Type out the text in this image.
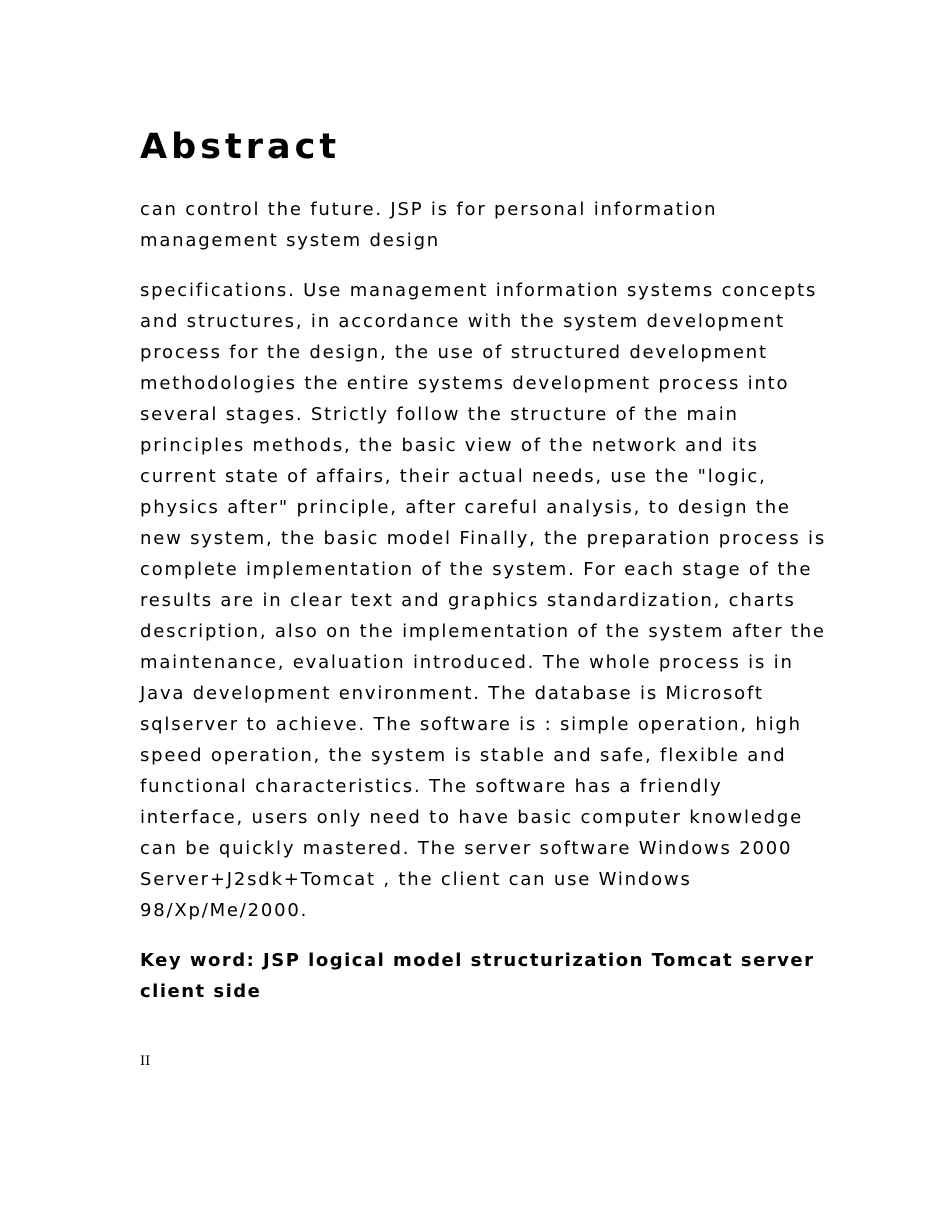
Abstract

can control the future. JSP is for personal information management system design

specifications. Use management information systems concepts and structures, in accordance with the system development process for the design, the use of structured development methodologies the entire systems development process into several stages. Strictly follow the structure of the main principles methods, the basic view of the network and its current state of affairs, their actual needs, use the "logic, physics after" principle, after careful analysis, to design the new system, the basic model Finally, the preparation process is complete implementation of the system. For each stage of the results are in clear text and graphics standardization, charts description, also on the implementation of the system after the maintenance, evaluation introduced. The whole process is in Java development environment. The database is Microsoft sqlserver to achieve. The software is : simple operation, high speed operation, the system is stable and safe, flexible and functional characteristics. The software has a friendly interface, users only need to have basic computer knowledge can be quickly mastered. The server software Windows 2000 Server+J2sdk+Tomcat , the client can use Windows 98/Xp/Me/2000.

Key word: JSP logical model structurization Tomcat server client side

II
